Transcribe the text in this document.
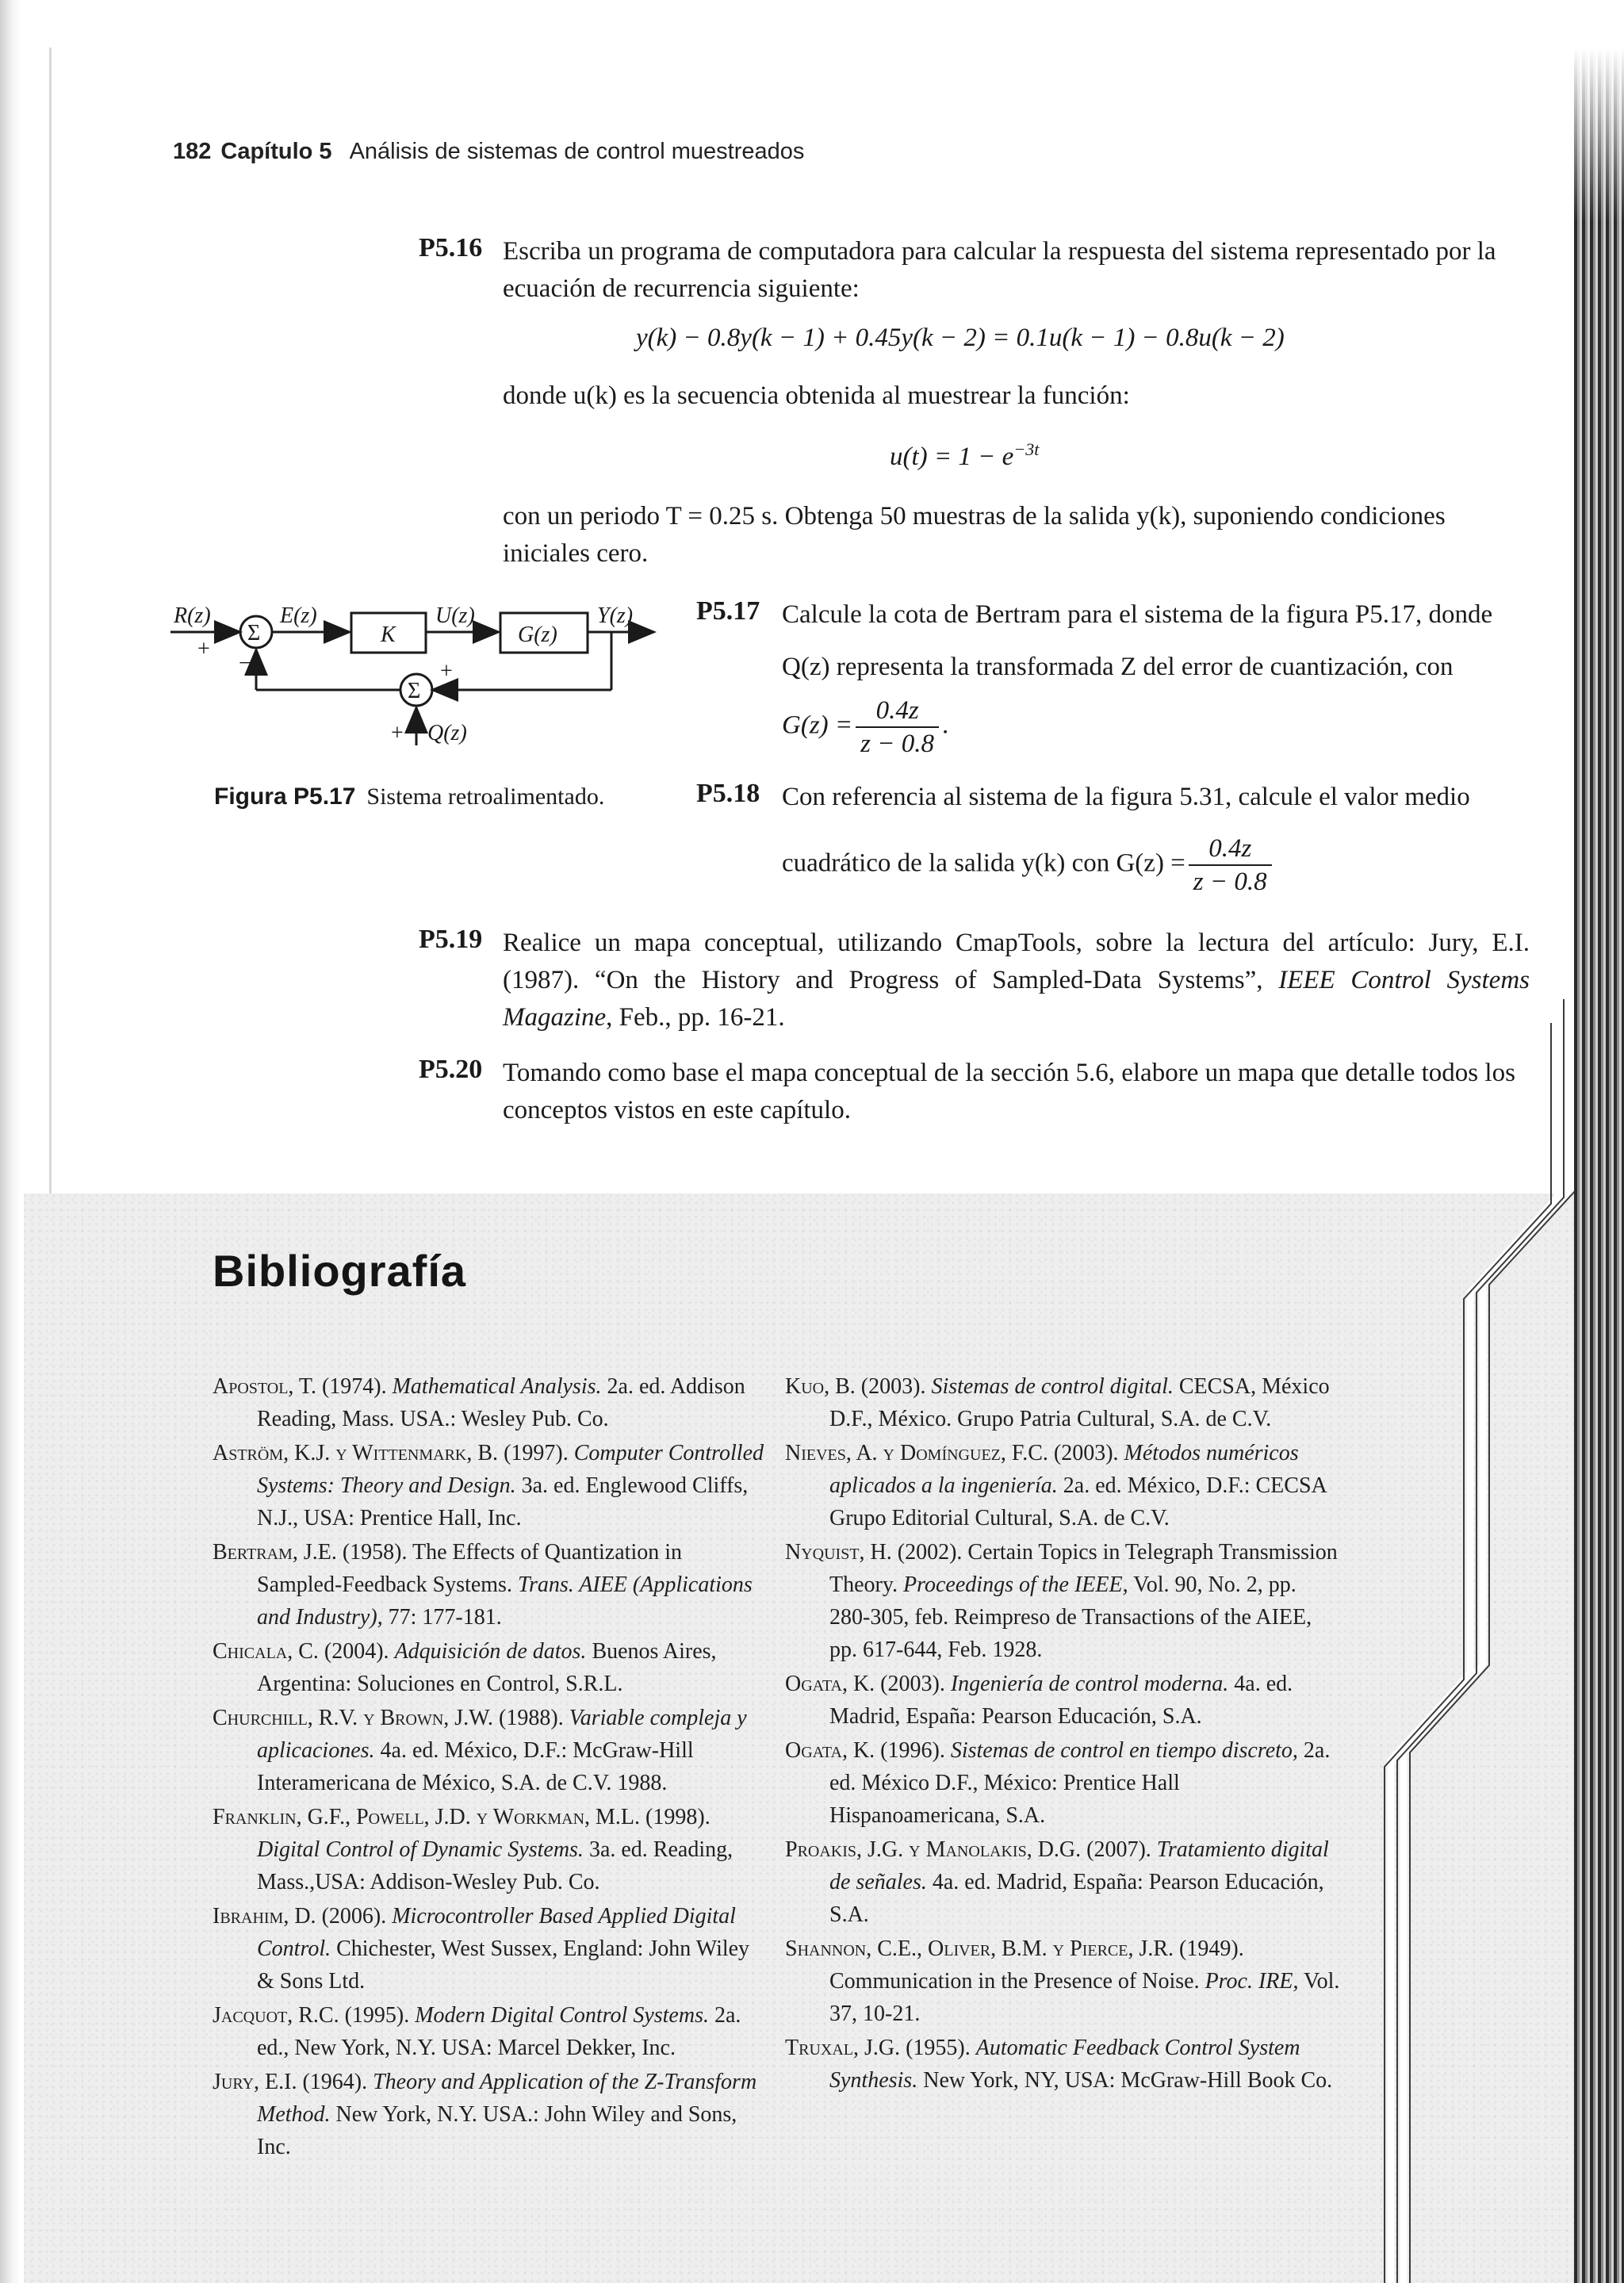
182 Capítulo 5 Análisis de sistemas de control muestreados
P5.16 Escriba un programa de computadora para calcular la respuesta del sistema representado por la ecuación de recurrencia siguiente:
y(k) − 0.8y(k − 1) + 0.45y(k − 2) = 0.1u(k − 1) − 0.8u(k − 2)
donde u(k) es la secuencia obtenida al muestrear la función:
$u(t) = 1 - e^{-3t}$
con un periodo T = 0.25 s. Obtenga 50 muestras de la salida y(k), suponiendo condiciones iniciales cero.
R(z)
Σ
E(z)
K
U(z)
G(z)
Y(z)
Σ
+
−	+
+ Q(z)
Figura P5.17 Sistema retroalimentado.
P5.17 Calcule la cota de Bertram para el sistema de la figura P5.17, donde
Q(z) representa la transformada Z del error de cuantización, con
$G(z) = \frac{0.4z}{z - 0.8}$ .
P5.18 Con referencia al sistema de la figura 5.31, calcule el valor medio
cuadrático de la salida y(k) con $G(z) = \frac{0.4z}{z - 0.8}$
P5.19 Realice un mapa conceptual, utilizando CmapTools, sobre la lectura del artículo: Jury, E.I. (1987). “On the History and Progress of Sampled-Data Systems”, IEEE Control Systems Magazine, Feb., pp. 16-21.
P5.20 Tomando como base el mapa conceptual de la sección 5.6, elabore un mapa que detalle todos los conceptos vistos en este capítulo.
Bibliografía
Apostol, T. (1974). Mathematical Analysis. 2a. ed. Addison Reading, Mass. USA.: Wesley Pub. Co.
Aström, K.J. y Wittenmark, B. (1997). Computer Controlled Systems: Theory and Design. 3a. ed. Englewood Cliffs, N.J., USA: Prentice Hall, Inc.
Bertram, J.E. (1958). The Effects of Quantization in Sampled-Feedback Systems. Trans. AIEE (Applications and Industry), 77: 177-181.
Chicala, C. (2004). Adquisición de datos. Buenos Aires, Argentina: Soluciones en Control, S.R.L.
Churchill, R.V. y Brown, J.W. (1988). Variable compleja y aplicaciones. 4a. ed. México, D.F.: McGraw-Hill Interamericana de México, S.A. de C.V. 1988.
Franklin, G.F., Powell, J.D. y Workman, M.L. (1998). Digital Control of Dynamic Systems. 3a. ed. Reading, Mass.,USA: Addison-Wesley Pub. Co.
Ibrahim, D. (2006). Microcontroller Based Applied Digital Control. Chichester, West Sussex, England: John Wiley & Sons Ltd.
Jacquot, R.C. (1995). Modern Digital Control Systems. 2a. ed., New York, N.Y. USA: Marcel Dekker, Inc.
Jury, E.I. (1964). Theory and Application of the Z-Transform Method. New York, N.Y. USA.: John Wiley and Sons, Inc.
Kuo, B. (2003). Sistemas de control digital. CECSA, México D.F., México. Grupo Patria Cultural, S.A. de C.V.
Nieves, A. y Domínguez, F.C. (2003). Métodos numéricos aplicados a la ingeniería. 2a. ed. México, D.F.: CECSA Grupo Editorial Cultural, S.A. de C.V.
Nyquist, H. (2002). Certain Topics in Telegraph Transmission Theory. Proceedings of the IEEE, Vol. 90, No. 2, pp. 280-305, feb. Reimpreso de Transactions of the AIEE, pp. 617-644, Feb. 1928.
Ogata, K. (2003). Ingeniería de control moderna. 4a. ed. Madrid, España: Pearson Educación, S.A.
Ogata, K. (1996). Sistemas de control en tiempo discreto, 2a. ed. México D.F., México: Prentice Hall Hispanoamericana, S.A.
Proakis, J.G. y Manolakis, D.G. (2007). Tratamiento digital de señales. 4a. ed. Madrid, España: Pearson Educación, S.A.
Shannon, C.E., Oliver, B.M. y Pierce, J.R. (1949). Communication in the Presence of Noise. Proc. IRE, Vol. 37, 10-21.
Truxal, J.G. (1955). Automatic Feedback Control System Synthesis. New York, NY, USA: McGraw-Hill Book Co.
